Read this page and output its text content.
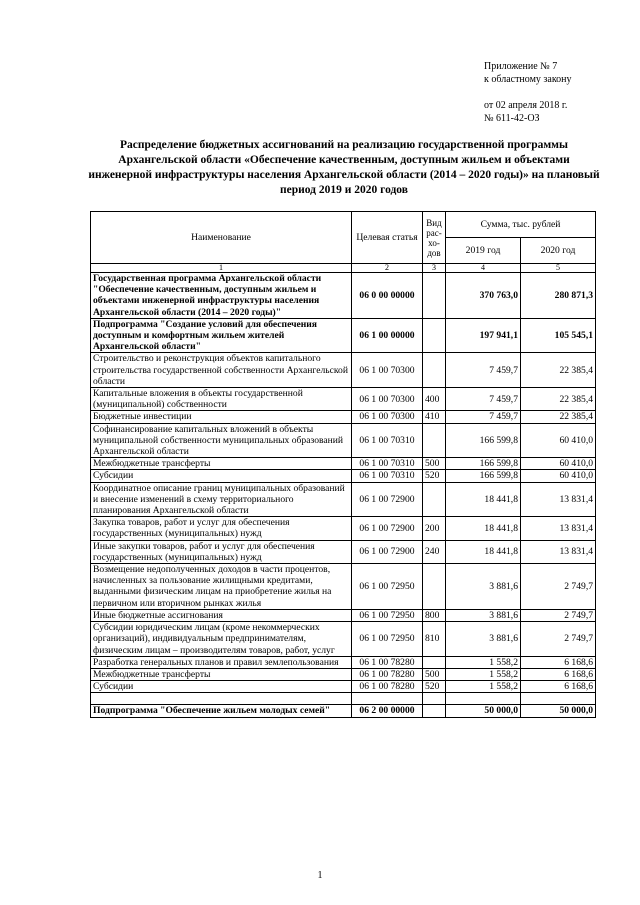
Приложение № 7
к областному закону
от 02 апреля 2018 г.
№ 611-42-ОЗ
Распределение бюджетных ассигнований на реализацию государственной программы Архангельской области «Обеспечение качественным, доступным жильем и объектами инженерной инфраструктуры населения Архангельской области (2014 – 2020 годы)» на плановый период 2019 и 2020 годов
Наименование	Целевая статья	Вид рас- хо- дов	Сумма, тыс. рублей	
			2019 год	2020 год
1	2	3	4	5
Государственная программа Архангельской области "Обеспечение качественным, доступным жильем и объектами инженерной инфраструктуры населения Архангельской области (2014 – 2020 годы)"	06 0 00 00000		370 763,0	280 871,3
Подпрограмма "Создание условий для обеспечения доступным и комфортным жильем жителей Архангельской области"	06 1 00 00000		197 941,1	105 545,1
Строительство и реконструкция объектов капитального строительства государственной собственности Архангельской области	06 1 00 70300		7 459,7	22 385,4
Капитальные вложения в объекты государственной (муниципальной) собственности	06 1 00 70300	400	7 459,7	22 385,4
Бюджетные инвестиции	06 1 00 70300	410	7 459,7	22 385,4
Софинансирование капитальных вложений в объекты муниципальной собственности муниципальных образований Архангельской области	06 1 00 70310		166 599,8	60 410,0
Межбюджетные трансферты	06 1 00 70310	500	166 599,8	60 410,0
Субсидии	06 1 00 70310	520	166 599,8	60 410,0
Координатное описание границ муниципальных образований и внесение изменений в схему территориального планирования Архангельской области	06 1 00 72900		18 441,8	13 831,4
Закупка товаров, работ и услуг для обеспечения государственных (муниципальных) нужд	06 1 00 72900	200	18 441,8	13 831,4
Иные закупки товаров, работ и услуг для обеспечения государственных (муниципальных) нужд	06 1 00 72900	240	18 441,8	13 831,4
Возмещение недополученных доходов в части процентов, начисленных за пользование жилищными кредитами, выданными физическим лицам на приобретение жилья на первичном или вторичном рынках жилья	06 1 00 72950		3 881,6	2 749,7
Иные бюджетные ассигнования	06 1 00 72950	800	3 881,6	2 749,7
Субсидии юридическим лицам (кроме некоммерческих организаций), индивидуальным предпринимателям, физическим лицам – производителям товаров, работ, услуг	06 1 00 72950	810	3 881,6	2 749,7
Разработка генеральных планов и правил землепользования	06 1 00 78280		1 558,2	6 168,6
Межбюджетные трансферты	06 1 00 78280	500	1 558,2	6 168,6
Субсидии	06 1 00 78280	520	1 558,2	6 168,6

Подпрограмма "Обеспечение жильем молодых семей"	06 2 00 00000		50 000,0	50 000,0
1
